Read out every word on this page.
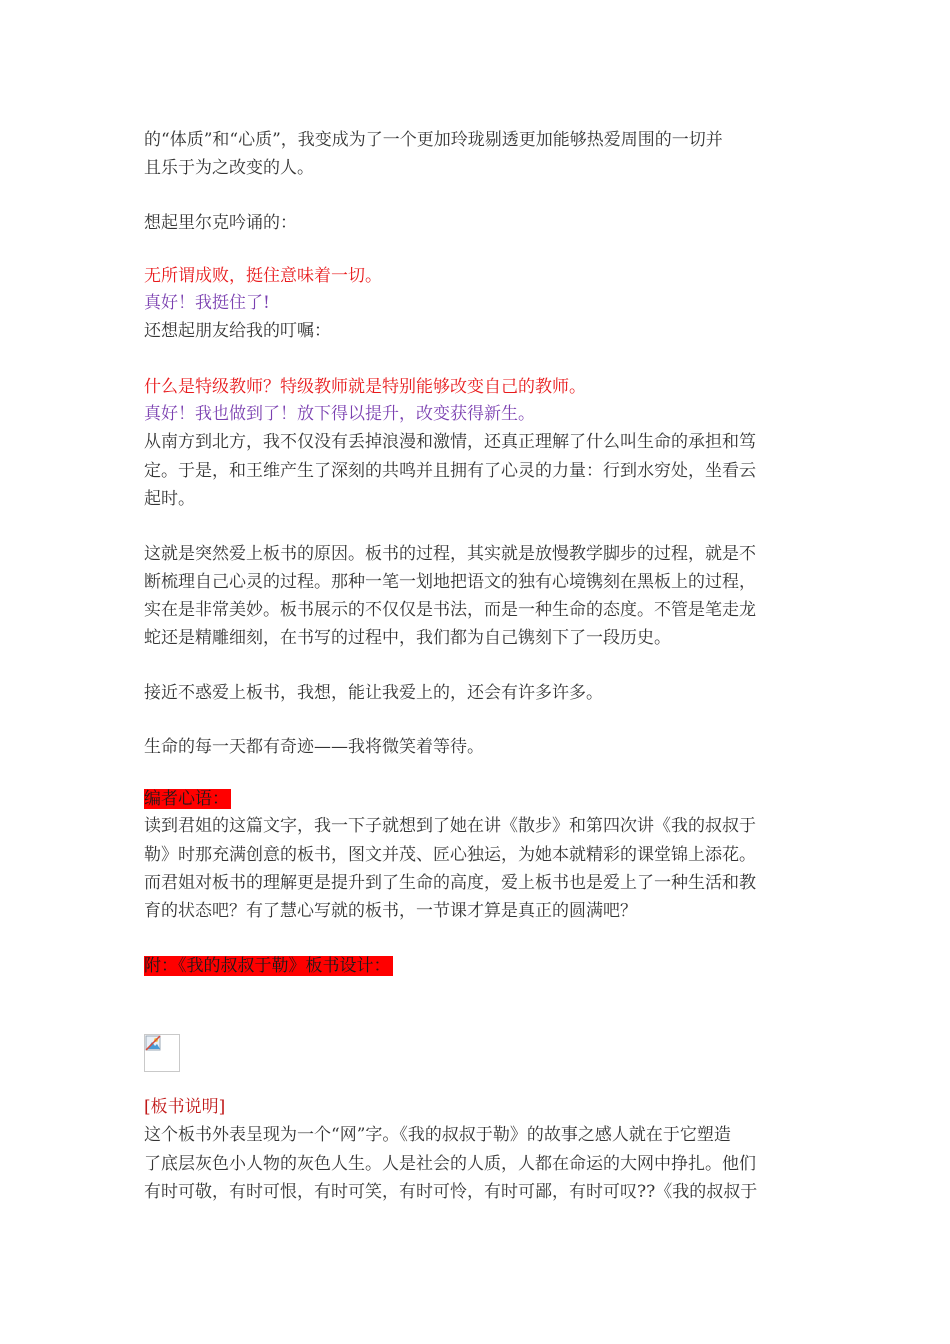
的“体质”和“心质”，我变成为了一个更加玲珑剔透更加能够热爱周围的一切并
且乐于为之改变的人。
想起里尔克吟诵的：
无所谓成败，挺住意味着一切。
真好！我挺住了!
还想起朋友给我的叮嘱：
什么是特级教师？特级教师就是特别能够改变自己的教师。
真好！我也做到了！放下得以提升，改变获得新生。
从南方到北方，我不仅没有丢掉浪漫和激情，还真正理解了什么叫生命的承担和笃
定。于是，和王维产生了深刻的共鸣并且拥有了心灵的力量：行到水穷处，坐看云
起时。
这就是突然爱上板书的原因。板书的过程，其实就是放慢教学脚步的过程，就是不
断梳理自己心灵的过程。那种一笔一划地把语文的独有心境镌刻在黑板上的过程，
实在是非常美妙。板书展示的不仅仅是书法，而是一种生命的态度。不管是笔走龙
蛇还是精雕细刻，在书写的过程中，我们都为自己镌刻下了一段历史。
接近不惑爱上板书，我想，能让我爱上的，还会有许多许多。
生命的每一天都有奇迹——我将微笑着等待。
编者心语：
读到君姐的这篇文字，我一下子就想到了她在讲《散步》和第四次讲《我的叔叔于
勒》时那充满创意的板书，图文并茂、匠心独运，为她本就精彩的课堂锦上添花。
而君姐对板书的理解更是提升到了生命的高度，爱上板书也是爱上了一种生活和教
育的状态吧？有了慧心写就的板书，一节课才算是真正的圆满吧？
附：《我的叔叔于勒》板书设计：
[板书说明]
这个板书外表呈现为一个“网”字。《我的叔叔于勒》的故事之感人就在于它塑造
了底层灰色小人物的灰色人生。人是社会的人质，人都在命运的大网中挣扎。他们
有时可敬，有时可恨，有时可笑，有时可怜，有时可鄙，有时可叹??《我的叔叔于
